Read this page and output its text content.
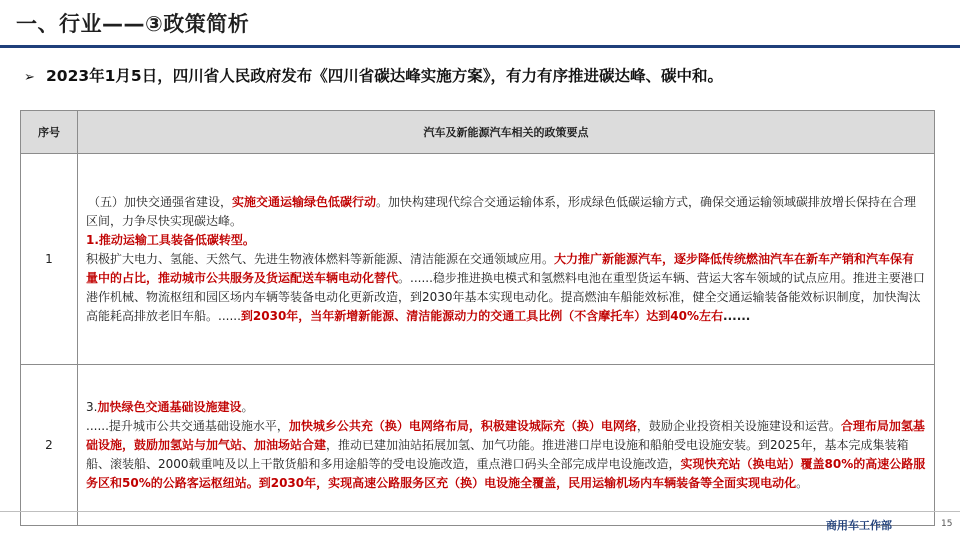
一、行业——③政策简析
➢ 2023年1月5日，四川省人民政府发布《四川省碳达峰实施方案》，有力有序推进碳达峰、碳中和。
序号	汽车及新能源汽车相关的政策要点
1	（五）加快交通强省建设，实施交通运输绿色低碳行动。加快构建现代综合交通运输体系，形成绿色低碳运输方式，确保交通运输领域碳排放增长保持在合理区间，力争尽快实现碳达峰。
1.推动运输工具装备低碳转型。
积极扩大电力、氢能、天然气、先进生物液体燃料等新能源、清洁能源在交通领域应用。大力推广新能源汽车，逐步降低传统燃油汽车在新车产销和汽车保有量中的占比，推动城市公共服务及货运配送车辆电动化替代。......稳步推进换电模式和氢燃料电池在重型货运车辆、营运大客车领域的试点应用。推进主要港口港作机械、物流枢纽和园区场内车辆等装备电动化更新改造，到2030年基本实现电动化。提高燃油车船能效标准，健全交通运输装备能效标识制度，加快淘汰高能耗高排放老旧车船。......到2030年，当年新增新能源、清洁能源动力的交通工具比例（不含摩托车）达到40%左右......

2	3.加快绿色交通基础设施建设。
......提升城市公共交通基础设施水平，加快城乡公共充（换）电网络布局，积极建设城际充（换）电网络，鼓励企业投资相关设施建设和运营。合理布局加氢基础设施，鼓励加氢站与加气站、加油场站合建，推动已建加油站拓展加氢、加气功能。推进港口岸电设施和船舶受电设施安装。到2025年，基本完成集装箱船、滚装船、2000载重吨及以上干散货船和多用途船等的受电设施改造，重点港口码头全部完成岸电设施改造，实现快充站（换电站）覆盖80%的高速公路服务区和50%的公路客运枢纽站。到2030年，实现高速公路服务区充（换）电设施全覆盖，民用运输机场内车辆装备等全面实现电动化。
商用车工作部	15
